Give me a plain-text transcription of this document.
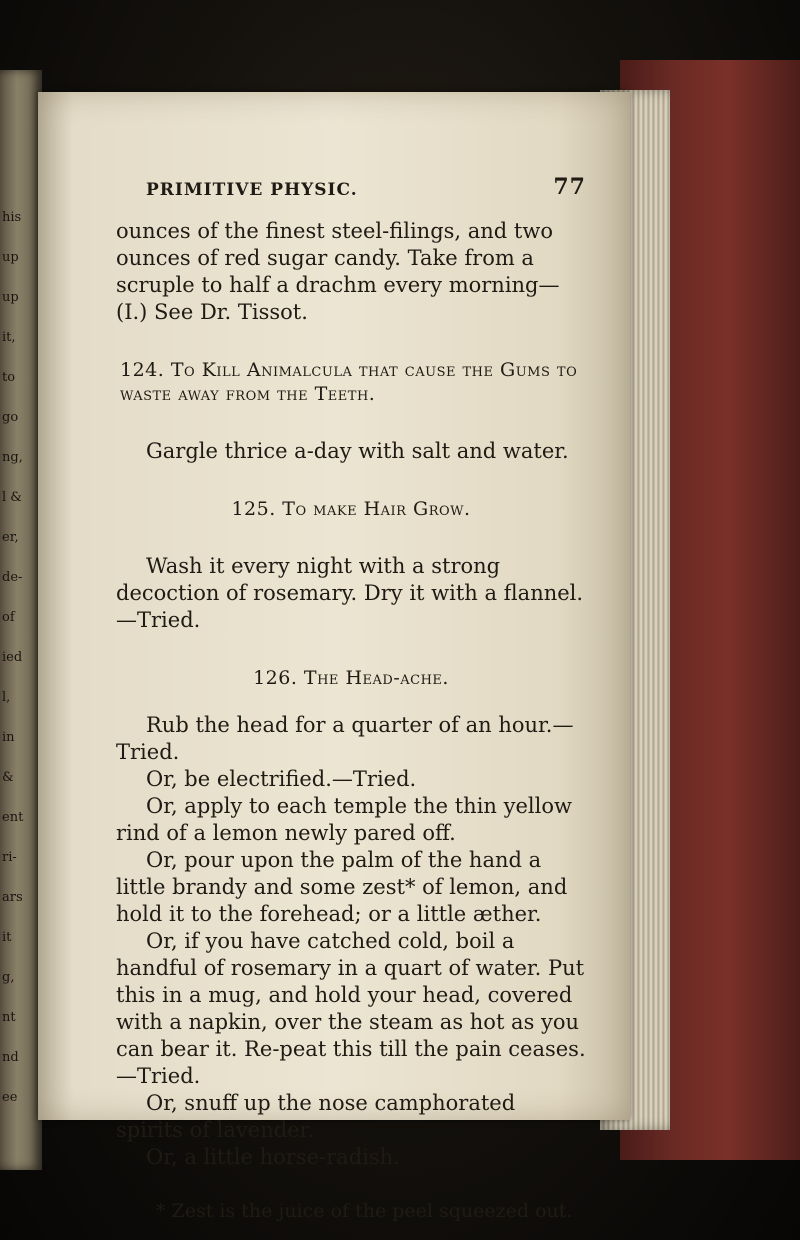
his
up
up
it,
to
go
ng,
l &
er,
de-
of
ied
l,
in
&
ent
ri-
ars
it
g,
nt
nd
ee
PRIMITIVE PHYSIC.	77

ounces of the finest steel-filings, and two ounces of red sugar candy. Take from a scruple to half a drachm every morning—(I.) See Dr. Tissot.

124. To Kill Animalcula that cause the Gums to waste away from the Teeth.

Gargle thrice a-day with salt and water.

125. To make Hair Grow.

Wash it every night with a strong decoction of rosemary. Dry it with a flannel.—Tried.

126. The Head-ache.

Rub the head for a quarter of an hour.—Tried.

Or, be electrified.—Tried.

Or, apply to each temple the thin yellow rind of a lemon newly pared off.

Or, pour upon the palm of the hand a little brandy and some zest* of lemon, and hold it to the forehead; or a little æther.

Or, if you have catched cold, boil a handful of rosemary in a quart of water. Put this in a mug, and hold your head, covered with a napkin, over the steam as hot as you can bear it. Re-peat this till the pain ceases.—Tried.

Or, snuff up the nose camphorated spirits of lavender.

Or, a little horse-radish.

* Zest is the juice of the peel squeezed out.
